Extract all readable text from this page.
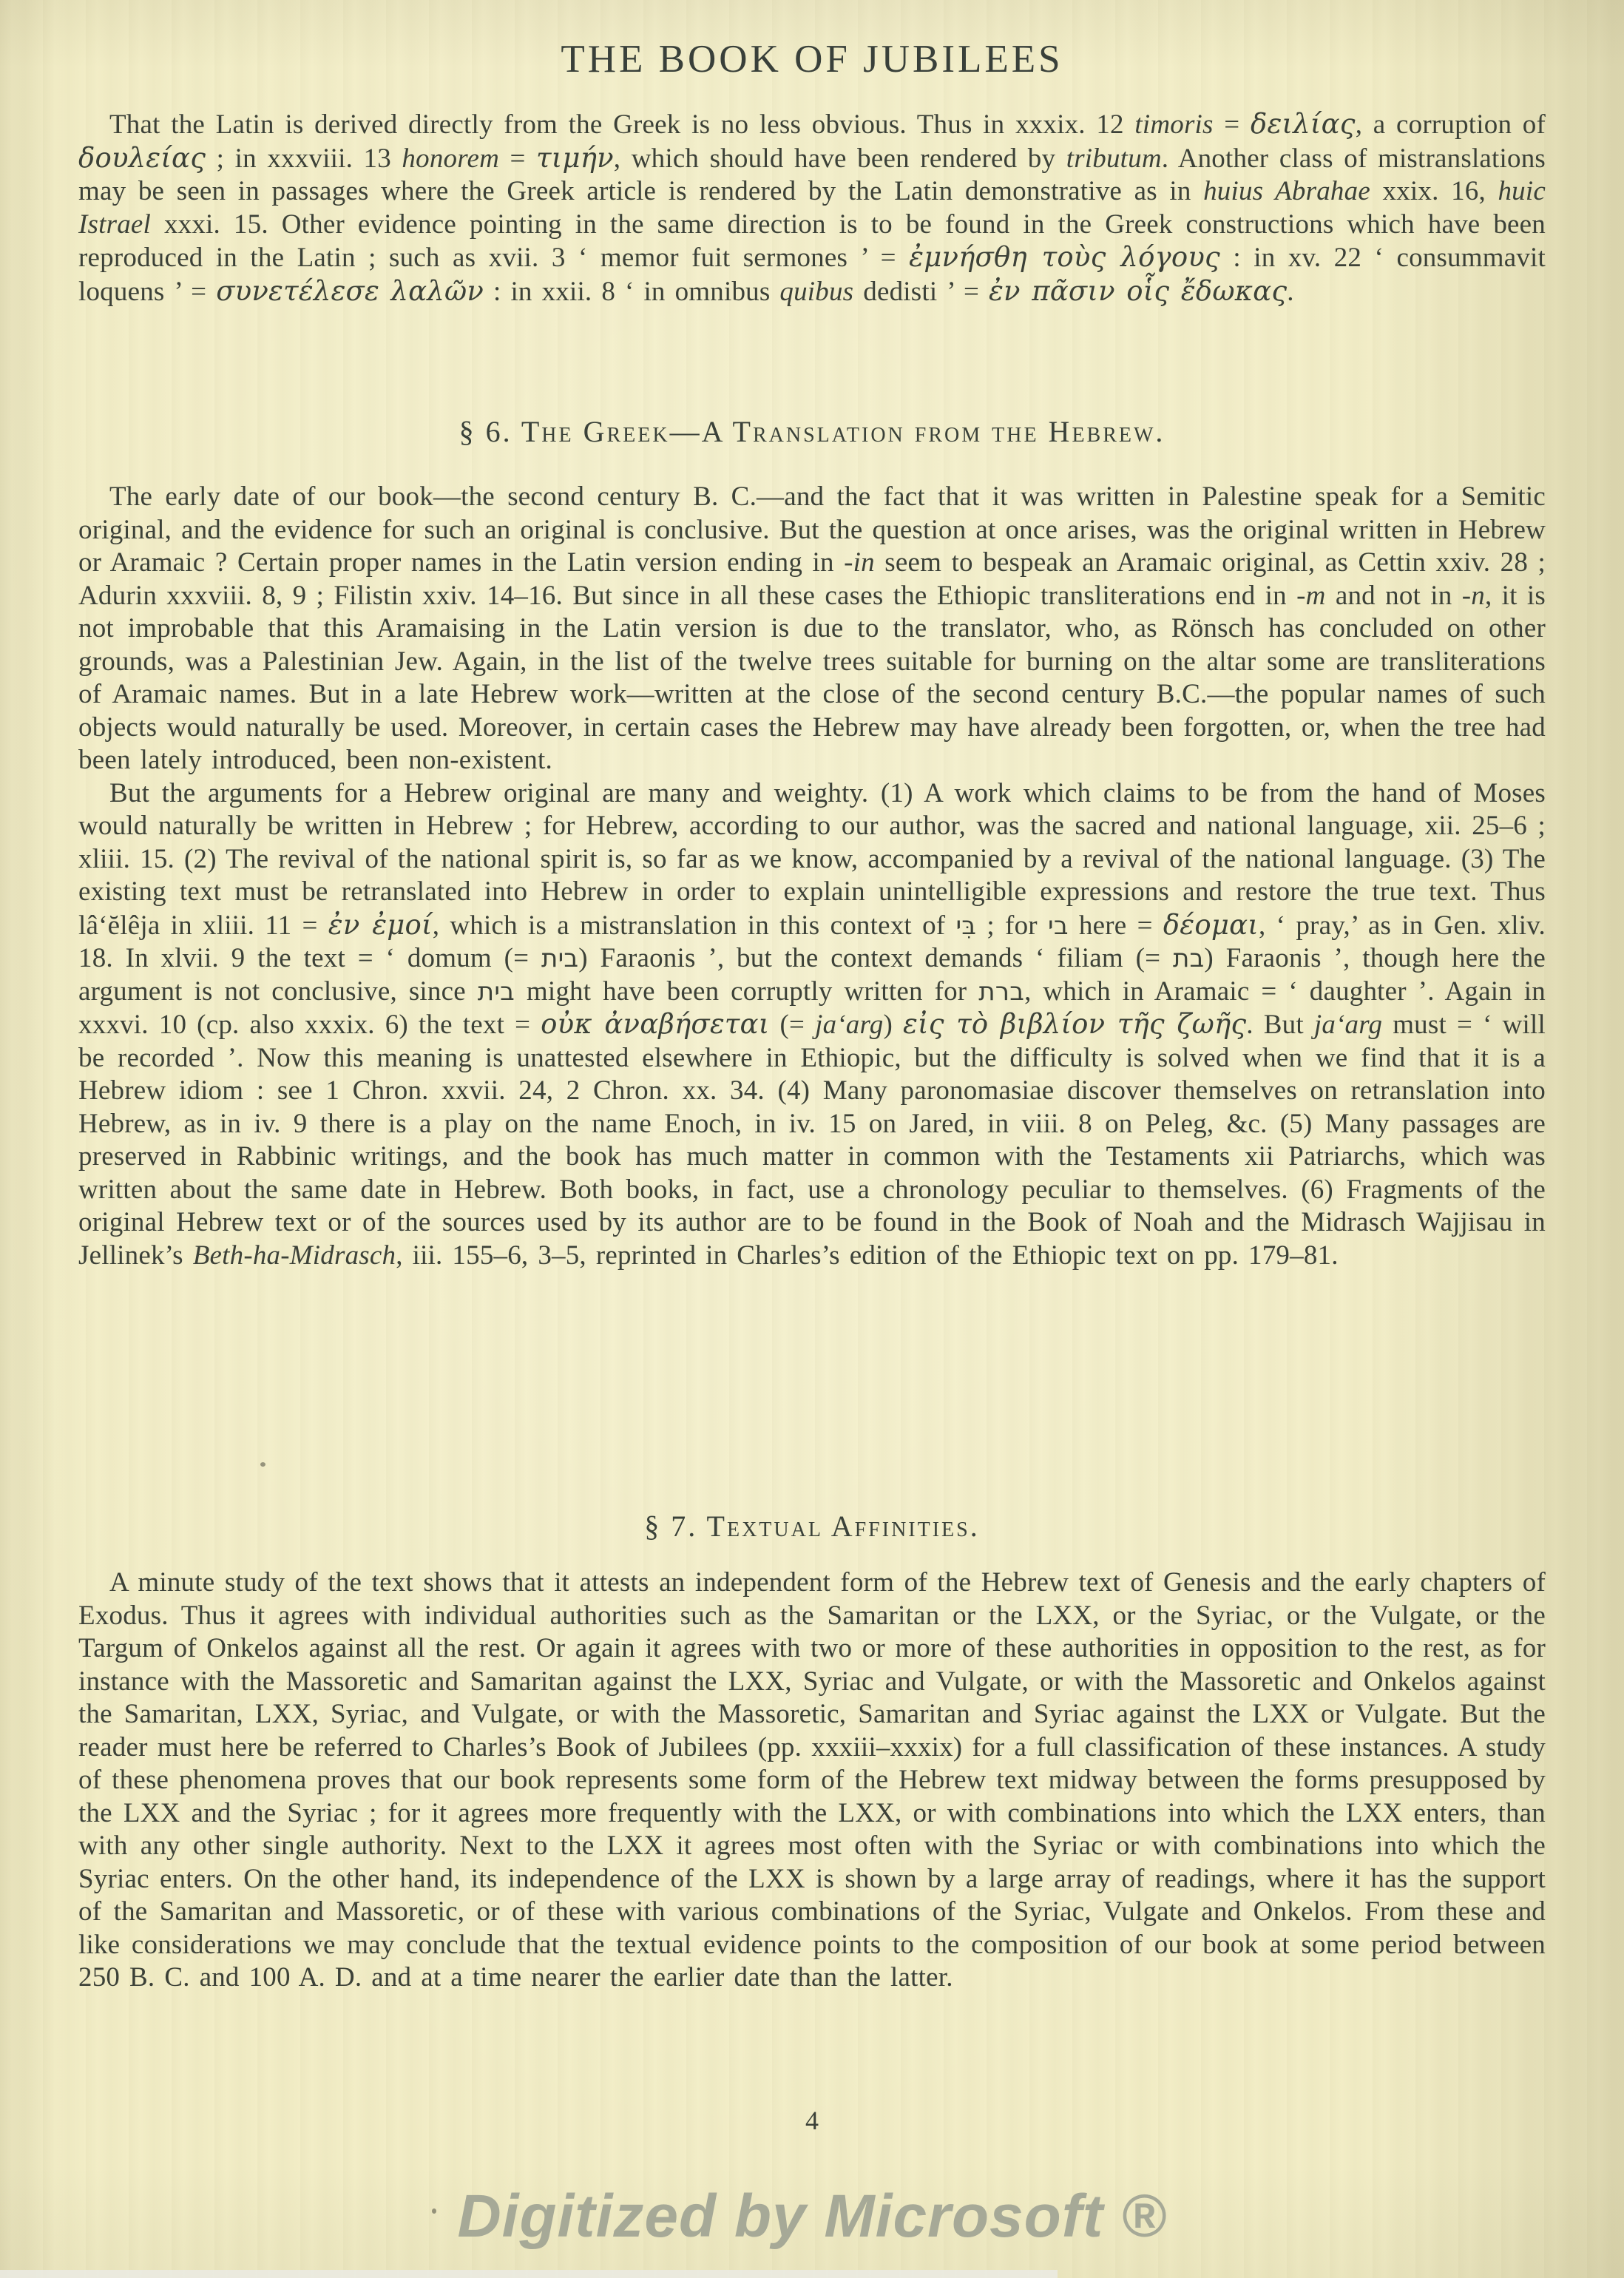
THE BOOK OF JUBILEES

That the Latin is derived directly from the Greek is no less obvious. Thus in xxxix. 12 timoris = δειλίας, a corruption of δουλείας ; in xxxviii. 13 honorem = τιμήν, which should have been rendered by tributum. Another class of mistranslations may be seen in passages where the Greek article is rendered by the Latin demonstrative as in huius Abrahae xxix. 16, huic Istrael xxxi. 15. Other evidence pointing in the same direction is to be found in the Greek constructions which have been reproduced in the Latin ; such as xvii. 3 ‘ memor fuit sermones ’ = ἐμνήσθη τοὺς λόγους : in xv. 22 ‘ consummavit loquens ’ = συνετέλεσε λαλῶν : in xxii. 8 ‘ in omnibus quibus dedisti ’ = ἐν πᾶσιν οἷς ἔδωκας.

§ 6. The Greek—A Translation from the Hebrew.

The early date of our book—the second century B. C.—and the fact that it was written in Palestine speak for a Semitic original, and the evidence for such an original is conclusive. But the question at once arises, was the original written in Hebrew or Aramaic ? Certain proper names in the Latin version ending in -in seem to bespeak an Aramaic original, as Cettin xxiv. 28 ; Adurin xxxviii. 8, 9 ; Filistin xxiv. 14–16. But since in all these cases the Ethiopic transliterations end in -m and not in -n, it is not improbable that this Aramaising in the Latin version is due to the translator, who, as Rönsch has concluded on other grounds, was a Palestinian Jew. Again, in the list of the twelve trees suitable for burning on the altar some are transliterations of Aramaic names. But in a late Hebrew work—written at the close of the second century B.C.—the popular names of such objects would naturally be used. Moreover, in certain cases the Hebrew may have already been forgotten, or, when the tree had been lately introduced, been non-existent.

But the arguments for a Hebrew original are many and weighty. (1) A work which claims to be from the hand of Moses would naturally be written in Hebrew ; for Hebrew, according to our author, was the sacred and national language, xii. 25–6 ; xliii. 15. (2) The revival of the national spirit is, so far as we know, accompanied by a revival of the national language. (3) The existing text must be retranslated into Hebrew in order to explain unintelligible expressions and restore the true text. Thus lâ‘ĕlêja in xliii. 11 = ἐν ἐμοί, which is a mistranslation in this context of בִּי ; for בי here = δέομαι, ‘ pray,’ as in Gen. xliv. 18. In xlvii. 9 the text = ‘ domum (= בית) Faraonis ’, but the context demands ‘ filiam (= בת) Faraonis ’, though here the argument is not conclusive, since בית might have been corruptly written for ברת, which in Aramaic = ‘ daughter ’. Again in xxxvi. 10 (cp. also xxxix. 6) the text = οὐκ ἀναβήσεται (= ja‘arg) εἰς τὸ βιβλίον τῆς ζωῆς. But ja‘arg must = ‘ will be recorded ’. Now this meaning is unattested elsewhere in Ethiopic, but the difficulty is solved when we find that it is a Hebrew idiom : see 1 Chron. xxvii. 24, 2 Chron. xx. 34. (4) Many paronomasiae discover themselves on retranslation into Hebrew, as in iv. 9 there is a play on the name Enoch, in iv. 15 on Jared, in viii. 8 on Peleg, &c. (5) Many passages are preserved in Rabbinic writings, and the book has much matter in common with the Testaments xii Patriarchs, which was written about the same date in Hebrew. Both books, in fact, use a chronology peculiar to themselves. (6) Fragments of the original Hebrew text or of the sources used by its author are to be found in the Book of Noah and the Midrasch Wajjisau in Jellinek’s Beth-ha-Midrasch, iii. 155–6, 3–5, reprinted in Charles’s edition of the Ethiopic text on pp. 179–81.

§ 7. Textual Affinities.

A minute study of the text shows that it attests an independent form of the Hebrew text of Genesis and the early chapters of Exodus. Thus it agrees with individual authorities such as the Samaritan or the LXX, or the Syriac, or the Vulgate, or the Targum of Onkelos against all the rest. Or again it agrees with two or more of these authorities in opposition to the rest, as for instance with the Massoretic and Samaritan against the LXX, Syriac and Vulgate, or with the Massoretic and Onkelos against the Samaritan, LXX, Syriac, and Vulgate, or with the Massoretic, Samaritan and Syriac against the LXX or Vulgate. But the reader must here be referred to Charles’s Book of Jubilees (pp. xxxiii–xxxix) for a full classification of these instances. A study of these phenomena proves that our book represents some form of the Hebrew text midway between the forms presupposed by the LXX and the Syriac ; for it agrees more frequently with the LXX, or with combinations into which the LXX enters, than with any other single authority. Next to the LXX it agrees most often with the Syriac or with combinations into which the Syriac enters. On the other hand, its independence of the LXX is shown by a large array of readings, where it has the support of the Samaritan and Massoretic, or of these with various combinations of the Syriac, Vulgate and Onkelos. From these and like considerations we may conclude that the textual evidence points to the composition of our book at some period between 250 B. C. and 100 A. D. and at a time nearer the earlier date than the latter.

4
Digitized by Microsoft ®
